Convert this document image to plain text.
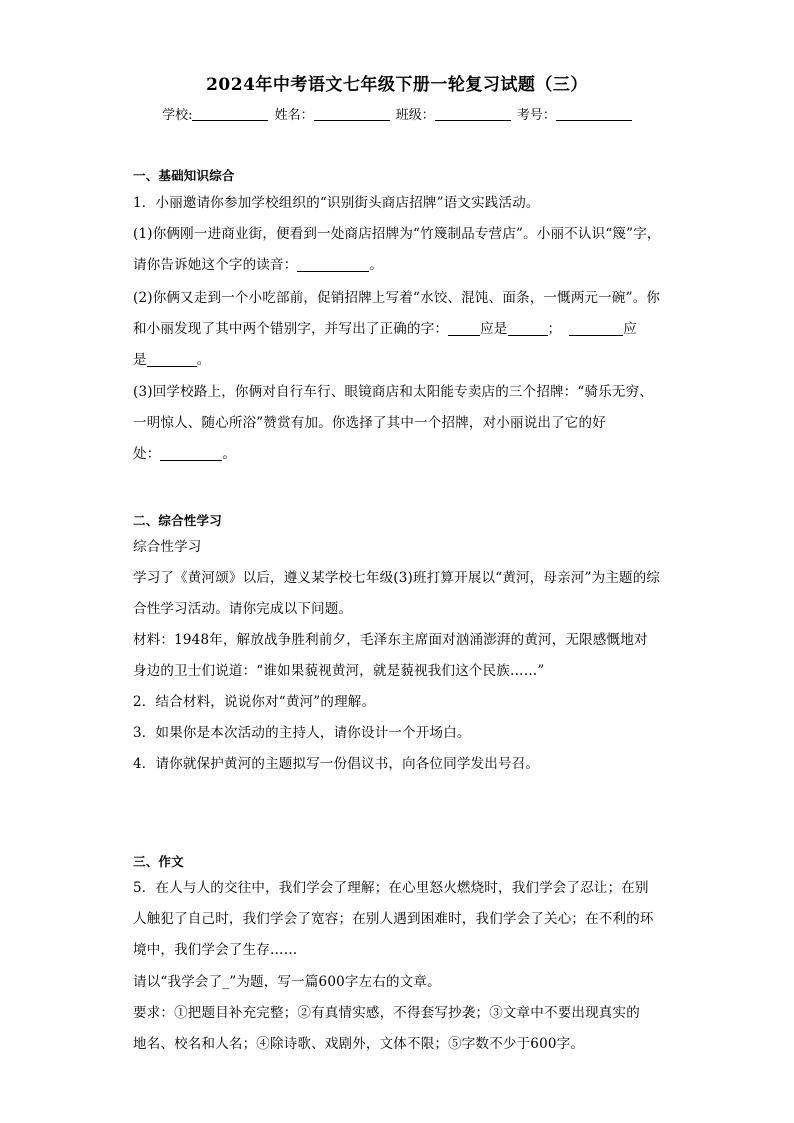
2024年中考语文七年级下册一轮复习试题（三）
学校:	姓名：	班级：	考号：
一、基础知识综合
1．小丽邀请你参加学校组织的“识别街头商店招牌”语文实践活动。
(1)你俩刚一进商业街，便看到一处商店招牌为“竹篾制品专营店”。小丽不认识“篾”字，
请你告诉她这个字的读音：	。
(2)你俩又走到一个小吃部前，促销招牌上写着“水饺、混饨、面条，一慨两元一碗”。你
和小丽发现了其中两个错别字，并写出了正确的字： 应是	；	应
是	。
(3)回学校路上，你俩对自行车行、眼镜商店和太阳能专卖店的三个招牌：“骑乐无穷、
一明惊人、随心所浴”赞赏有加。你选择了其中一个招牌，对小丽说出了它的好
处：	。
二、综合性学习
综合性学习
学习了《黄河颂》以后，遵义某学校七年级(3)班打算开展以“黄河，母亲河”为主题的综
合性学习活动。请你完成以下问题。
材料：1948年，解放战争胜利前夕，毛泽东主席面对汹涌澎湃的黄河，无限感慨地对
身边的卫士们说道：“谁如果藐视黄河，就是藐视我们这个民族……”
2．结合材料，说说你对“黄河”的理解。
3．如果你是本次活动的主持人，请你设计一个开场白。
4．请你就保护黄河的主题拟写一份倡议书，向各位同学发出号召。
三、作文
5．在人与人的交往中，我们学会了理解；在心里怒火燃烧时，我们学会了忍让；在别
人触犯了自己时，我们学会了宽容；在别人遇到困难时，我们学会了关心；在不利的环
境中，我们学会了生存……
请以“我学会了_”为题，写一篇600字左右的文章。
要求：①把题目补充完整；②有真情实感，不得套写抄袭；③文章中不要出现真实的
地名、校名和人名；④除诗歌、戏剧外，文体不限；⑤字数不少于600字。
